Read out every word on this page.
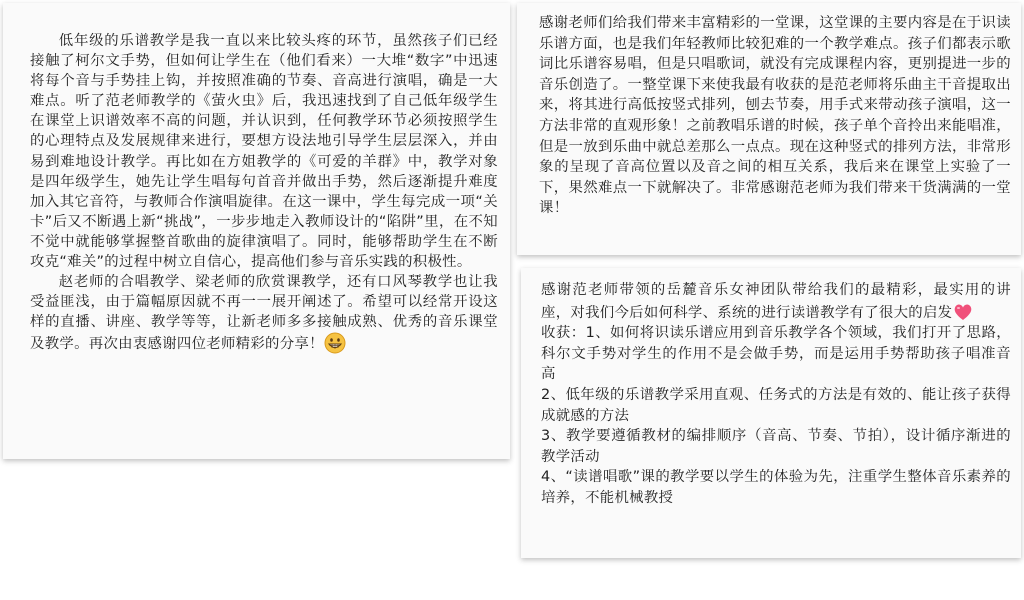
低年级的乐谱教学是我一直以来比较头疼的环节，虽然孩子们已经接触了柯尔文手势，但如何让学生在（他们看来）一大堆“数字”中迅速将每个音与手势挂上钩，并按照准确的节奏、音高进行演唱，确是一大难点。听了范老师教学的《萤火虫》后，我迅速找到了自己低年级学生在课堂上识谱效率不高的问题，并认识到，任何教学环节必须按照学生的心理特点及发展规律来进行，要想方设法地引导学生层层深入，并由易到难地设计教学。再比如在方姐教学的《可爱的羊群》中，教学对象是四年级学生，她先让学生唱每句首音并做出手势，然后逐渐提升难度加入其它音符，与教师合作演唱旋律。在这一课中，学生每完成一项“关卡”后又不断遇上新“挑战”，一步步地走入教师设计的“陷阱”里，在不知不觉中就能够掌握整首歌曲的旋律演唱了。同时，能够帮助学生在不断攻克“难关”的过程中树立自信心，提高他们参与音乐实践的积极性。

赵老师的合唱教学、梁老师的欣赏课教学，还有口风琴教学也让我受益匪浅，由于篇幅原因就不再一一展开阐述了。希望可以经常开设这样的直播、讲座、教学等等，让新老师多多接触成熟、优秀的音乐课堂及教学。再次由衷感谢四位老师精彩的分享！

感谢老师们给我们带来丰富精彩的一堂课，这堂课的主要内容是在于识读乐谱方面，也是我们年轻教师比较犯难的一个教学难点。孩子们都表示歌词比乐谱容易唱，但是只唱歌词，就没有完成课程内容，更别提进一步的音乐创造了。一整堂课下来使我最有收获的是范老师将乐曲主干音提取出来，将其进行高低按竖式排列，刨去节奏，用手式来带动孩子演唱，这一方法非常的直观形象！之前教唱乐谱的时候，孩子单个音拎出来能唱准，但是一放到乐曲中就总差那么一点点。现在这种竖式的排列方法，非常形象的呈现了音高位置以及音之间的相互关系，我后来在课堂上实验了一下，果然难点一下就解决了。非常感谢范老师为我们带来干货满满的一堂课！

感谢范老师带领的岳麓音乐女神团队带给我们的最精彩，最实用的讲座，对我们今后如何科学、系统的进行读谱教学有了很大的启发

收获：1、如何将识读乐谱应用到音乐教学各个领域，我们打开了思路，科尔文手势对学生的作用不是会做手势，而是运用手势帮助孩子唱准音高

2、低年级的乐谱教学采用直观、任务式的方法是有效的、能让孩子获得成就感的方法

3、教学要遵循教材的编排顺序（音高、节奏、节拍），设计循序渐进的教学活动

4、“读谱唱歌”课的教学要以学生的体验为先，注重学生整体音乐素养的培养，不能机械教授
